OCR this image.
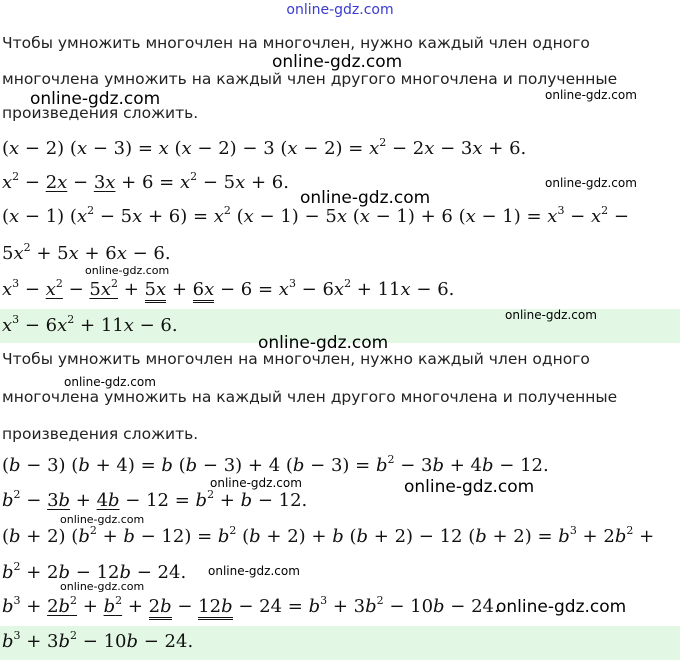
online-gdz.com
Чтобы умножить многочлен на многочлен, нужно каждый член одного
многочлена умножить на каждый член другого многочлена и полученные
произведения сложить.
(x − 2) (x − 3) = x (x − 2) − 3 $(x - 2) = x^2 - 2x - 3x + 6$.
$x^2 - 2x - 3x + 6 = x^2 - 5x + 6$.
(x − 1) $(x^2 - 5x + 6) = x^2$ (x − 1) − 5x (x − 1) + 6 $(x - 1) = x^3 - x^2$ −
$5x^2 + 5x + 6x - 6$.
$x^3 - x^2 - 5x^2 + 5x + 6x - 6 = x^3 - 6x^2 + 11x - 6$.
$x^3 - 6x^2 + 11x - 6$.
Чтобы умножить многочлен на многочлен, нужно каждый член одного
многочлена умножить на каждый член другого многочлена и полученные
произведения сложить.
(b − 3) (b + 4) = b (b − 3) + 4 $(b - 3) = b^2 - 3b + 4b - 12$.
$b^2 - 3b + 4b - 12 = b^2 + b - 12$.
(b + 2) $(b^2 + b - 12) = b^2$ (b + 2) + b (b + 2) − 12 $(b + 2) = b^3 + 2b^2$ +
$b^2 + 2b - 12b - 24$.
$b^3 + 2b^2 + b^2 + 2b - 12b - 24 = b^3 + 3b^2 - 10b - 24$.
$b^3 + 3b^2 - 10b - 24$.
online-gdz.com
online-gdz.com	online-gdz.com
online-gdz.com
online-gdz.com
online-gdz.com
online-gdz.com
online-gdz.com
online-gdz.com
online-gdz.com
online-gdz.com
online-gdz.com
online-gdz.com
online-gdz.com
online-gdz.com
